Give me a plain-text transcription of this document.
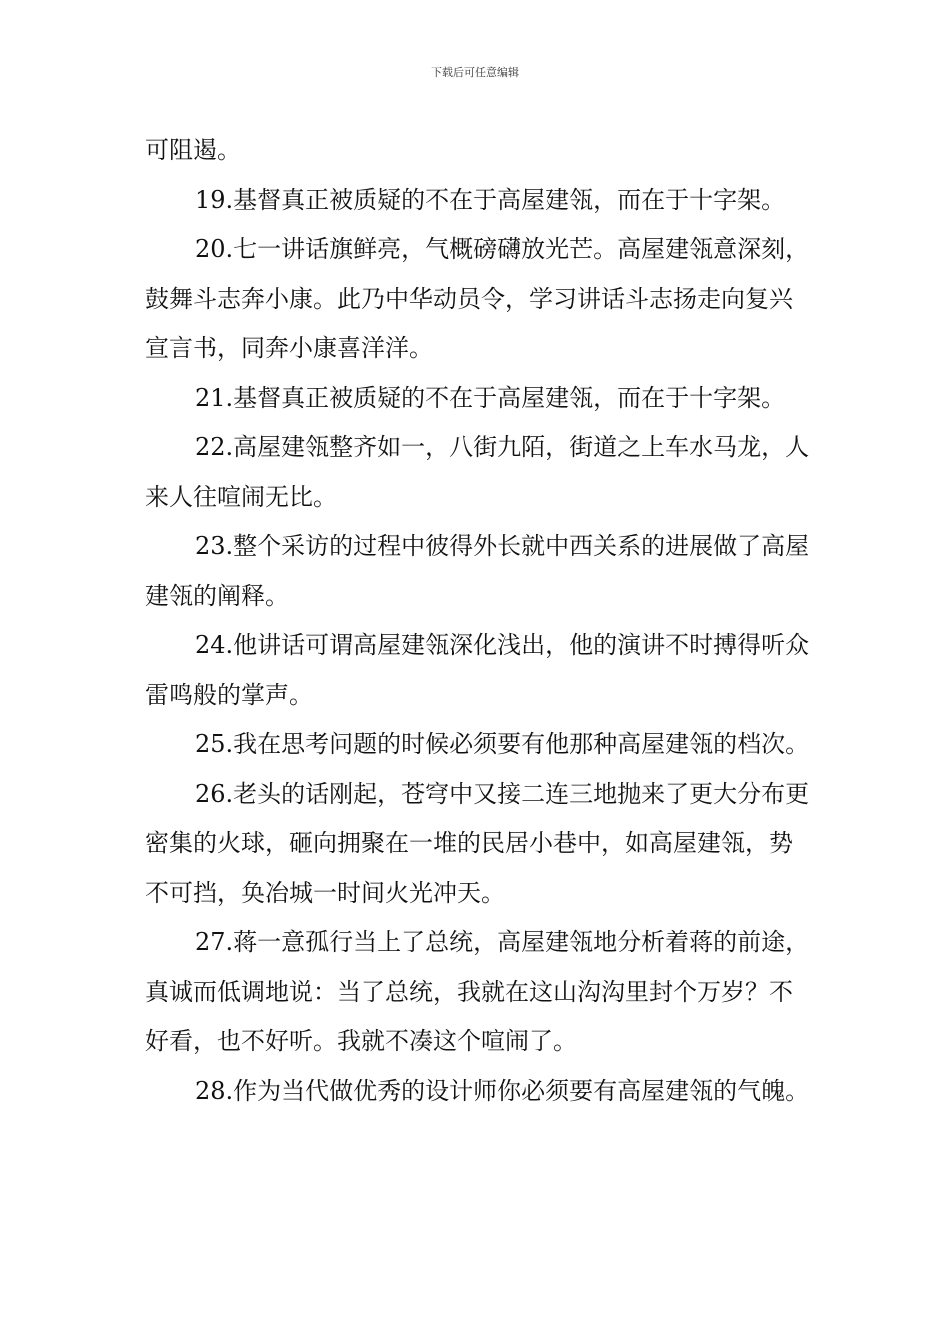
下载后可任意编辑

可阻遏。

19.基督真正被质疑的不在于高屋建瓴，而在于十字架。

20.七一讲话旗鲜亮，气概磅礴放光芒。高屋建瓴意深刻，鼓舞斗志奔小康。此乃中华动员令，学习讲话斗志扬走向复兴宣言书，同奔小康喜洋洋。

21.基督真正被质疑的不在于高屋建瓴，而在于十字架。

22.高屋建瓴整齐如一，八街九陌，街道之上车水马龙，人来人往喧闹无比。

23.整个采访的过程中彼得外长就中西关系的进展做了高屋建瓴的阐释。

24.他讲话可谓高屋建瓴深化浅出，他的演讲不时搏得听众雷鸣般的掌声。

25.我在思考问题的时候必须要有他那种高屋建瓴的档次。

26.老头的话刚起，苍穹中又接二连三地抛来了更大分布更密集的火球，砸向拥聚在一堆的民居小巷中，如高屋建瓴，势不可挡，奂冶城一时间火光冲天。

27.蒋一意孤行当上了总统，高屋建瓴地分析着蒋的前途，真诚而低调地说：当了总统，我就在这山沟沟里封个万岁？不好看，也不好听。我就不凑这个喧闹了。

28.作为当代做优秀的设计师你必须要有高屋建瓴的气魄。
